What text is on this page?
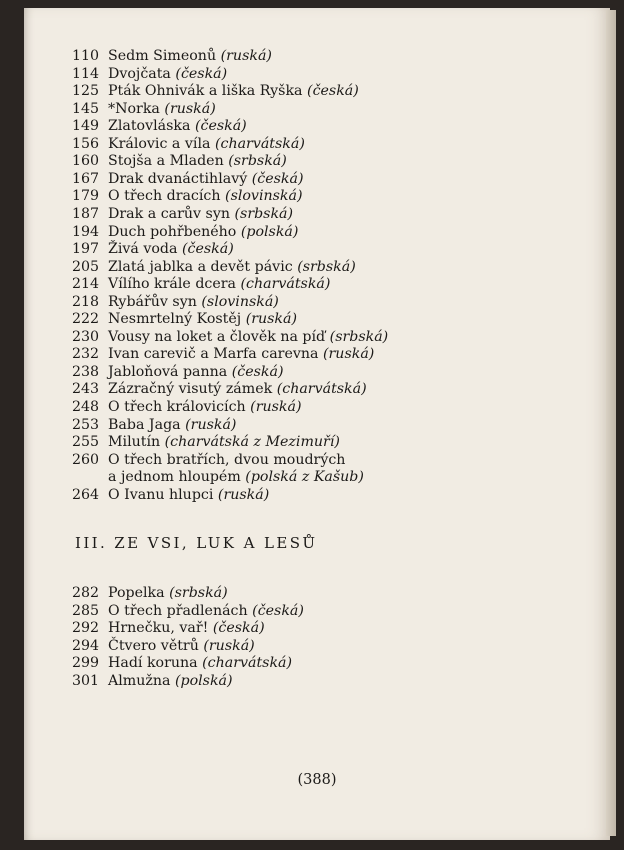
110 Sedm Simeonů (ruská)
114 Dvojčata (česká)
125 Pták Ohnivák a liška Ryška (česká)
145 *Norka (ruská)
149 Zlatovláska (česká)
156 Královic a víla (charvátská)
160 Stojša a Mladen (srbská)
167 Drak dvanáctihlavý (česká)
179 O třech dracích (slovinská)
187 Drak a carův syn (srbská)
194 Duch pohřbeného (polská)
197 Živá voda (česká)
205 Zlatá jablka a devět pávic (srbská)
214 Vílího krále dcera (charvátská)
218 Rybářův syn (slovinská)
222 Nesmrtelný Kostěj (ruská)
230 Vousy na loket a člověk na píď (srbská)
232 Ivan carevič a Marfa carevna (ruská)
238 Jabloňová panna (česká)
243 Zázračný visutý zámek (charvátská)
248 O třech královicích (ruská)
253 Baba Jaga (ruská)
255 Milutín (charvátská z Mezimuří)
260 O třech bratřích, dvou moudrých
a jednom hloupém (polská z Kašub)
264 O Ivanu hlupci (ruská)
III. ZE VSI, LUK A LESŮ
282 Popelka (srbská)
285 O třech přadlenách (česká)
292 Hrnečku, vař! (česká)
294 Čtvero větrů (ruská)
299 Hadí koruna (charvátská)
301 Almužna (polská)
(388)
